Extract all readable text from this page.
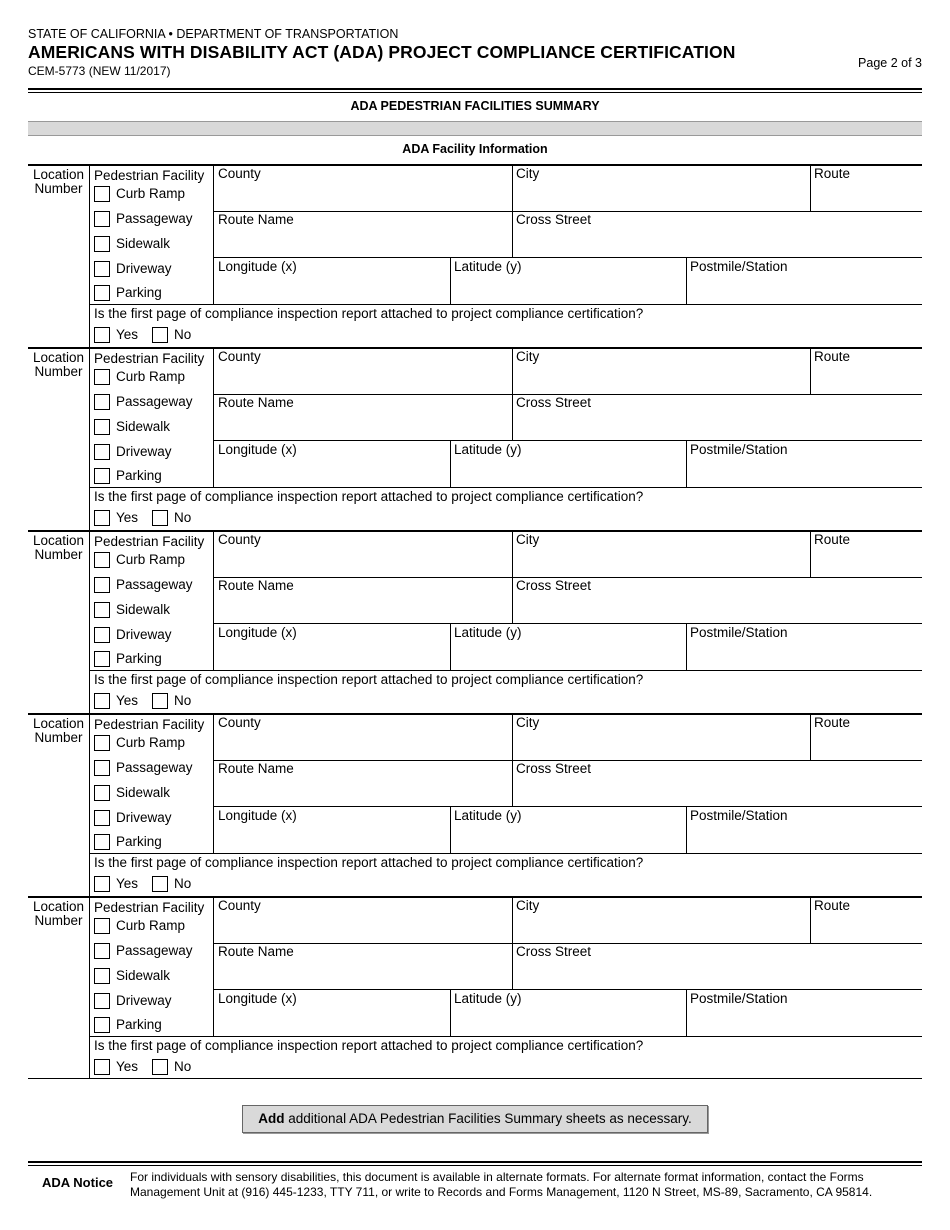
STATE OF CALIFORNIA • DEPARTMENT OF TRANSPORTATION
AMERICANS WITH DISABILITY ACT (ADA) PROJECT COMPLIANCE CERTIFICATION
CEM-5773 (NEW 11/2017)
Page 2 of 3
ADA PEDESTRIAN FACILITIES SUMMARY
ADA Facility Information
Location Number
Pedestrian Facility
Curb Ramp
Passageway
Sidewalk
Driveway
Parking
County	City	Route
Route Name	Cross Street
Longitude (x)	Latitude (y)	Postmile/Station
Is the first page of compliance inspection report attached to project compliance certification?
Yes	No
Location Number
Pedestrian Facility
Curb Ramp
Passageway
Sidewalk
Driveway
Parking
County	City	Route
Route Name	Cross Street
Longitude (x)	Latitude (y)	Postmile/Station
Is the first page of compliance inspection report attached to project compliance certification?
Yes	No
Location Number
Pedestrian Facility
Curb Ramp
Passageway
Sidewalk
Driveway
Parking
County	City	Route
Route Name	Cross Street
Longitude (x)	Latitude (y)	Postmile/Station
Is the first page of compliance inspection report attached to project compliance certification?
Yes	No
Location Number
Pedestrian Facility
Curb Ramp
Passageway
Sidewalk
Driveway
Parking
County	City	Route
Route Name	Cross Street
Longitude (x)	Latitude (y)	Postmile/Station
Is the first page of compliance inspection report attached to project compliance certification?
Yes	No
Location Number
Pedestrian Facility
Curb Ramp
Passageway
Sidewalk
Driveway
Parking
County	City	Route
Route Name	Cross Street
Longitude (x)	Latitude (y)	Postmile/Station
Is the first page of compliance inspection report attached to project compliance certification?
Yes	No
Add additional ADA Pedestrian Facilities Summary sheets as necessary.
ADA Notice For individuals with sensory disabilities, this document is available in alternate formats. For alternate format information, contact the Forms Management Unit at (916) 445-1233, TTY 711, or write to Records and Forms Management, 1120 N Street, MS-89, Sacramento, CA 95814.
